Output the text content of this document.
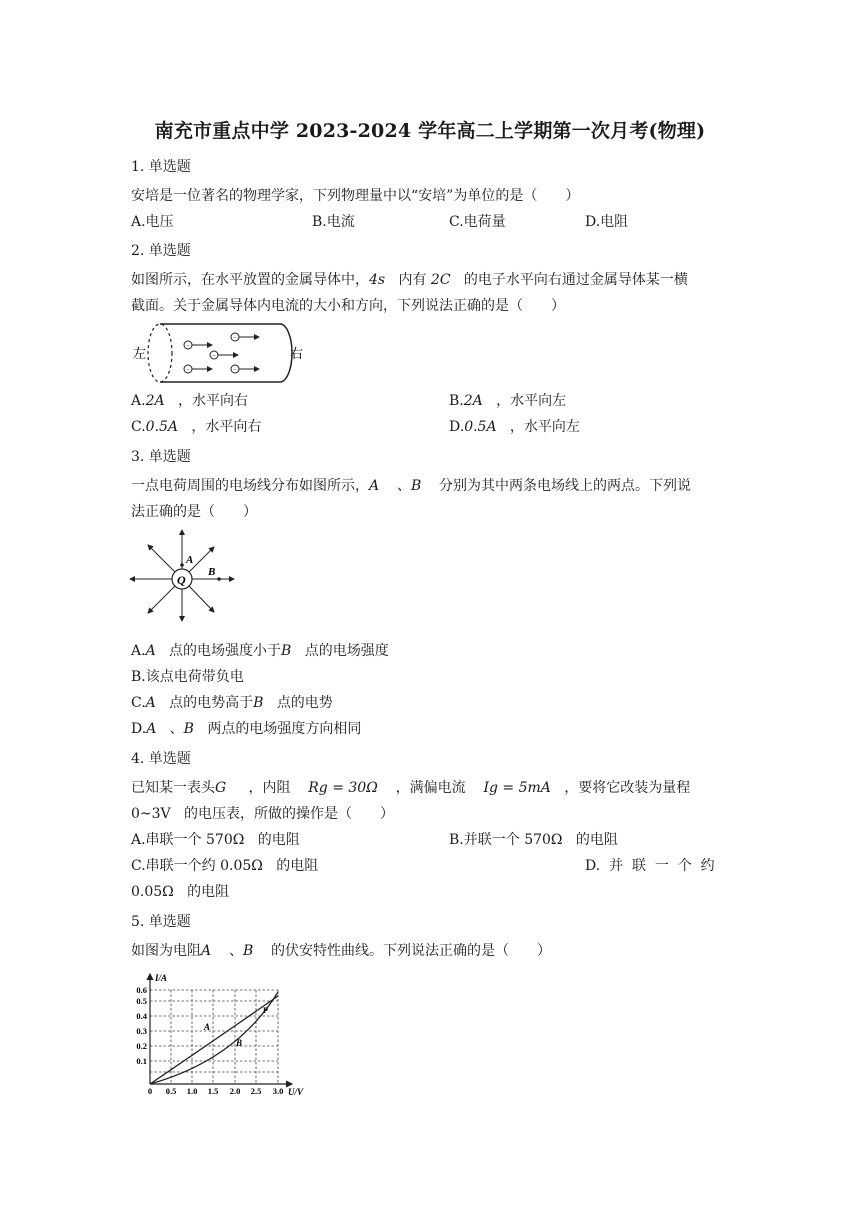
南充市重点中学 2023-2024 学年高二上学期第一次月考(物理)
1. 单选题
安培是一位著名的物理学家，下列物理量中以“安培”为单位的是（　　）
A.电压	B.电流	C.电荷量	D.电阻
2. 单选题
如图所示，在水平放置的金属导体中，4s 内有 2C 的电子水平向右通过金属导体某一横
截面。关于金属导体内电流的大小和方向，下列说法正确的是（　　）
左	右
−
−
−
−	−
A.2A ，水平向右	B.2A ，水平向左
C.0.5A ，水平向右	D.0.5A ，水平向左
3. 单选题
一点电荷周围的电场线分布如图所示，A 、B 分别为其中两条电场线上的两点。下列说
法正确的是（　　）
Q
A
B
A.A 点的电场强度小于B 点的电场强度
B.该点电荷带负电
C.A 点的电势高于B 点的电势
D.A 、B 两点的电场强度方向相同
4. 单选题
已知某一表头G ，内阻 Rg = 30Ω ，满偏电流 Ig = 5mA ，要将它改装为量程
0~3V 的电压表，所做的操作是（　　）
A.串联一个 570Ω 的电阻	B.并联一个 570Ω 的电阻
C.串联一个约 0.05Ω 的电阻	D.  并  联  一  个  约
0.05Ω 的电阻
5. 单选题
如图为电阻A 、B 的伏安特性曲线。下列说法正确的是（　　）
I/A
U/V
0.6
0.5
0.4
0.3
0.2
0.1
0 0.5 1.0 1.5 2.0 2.5 3.0
A
B
P
